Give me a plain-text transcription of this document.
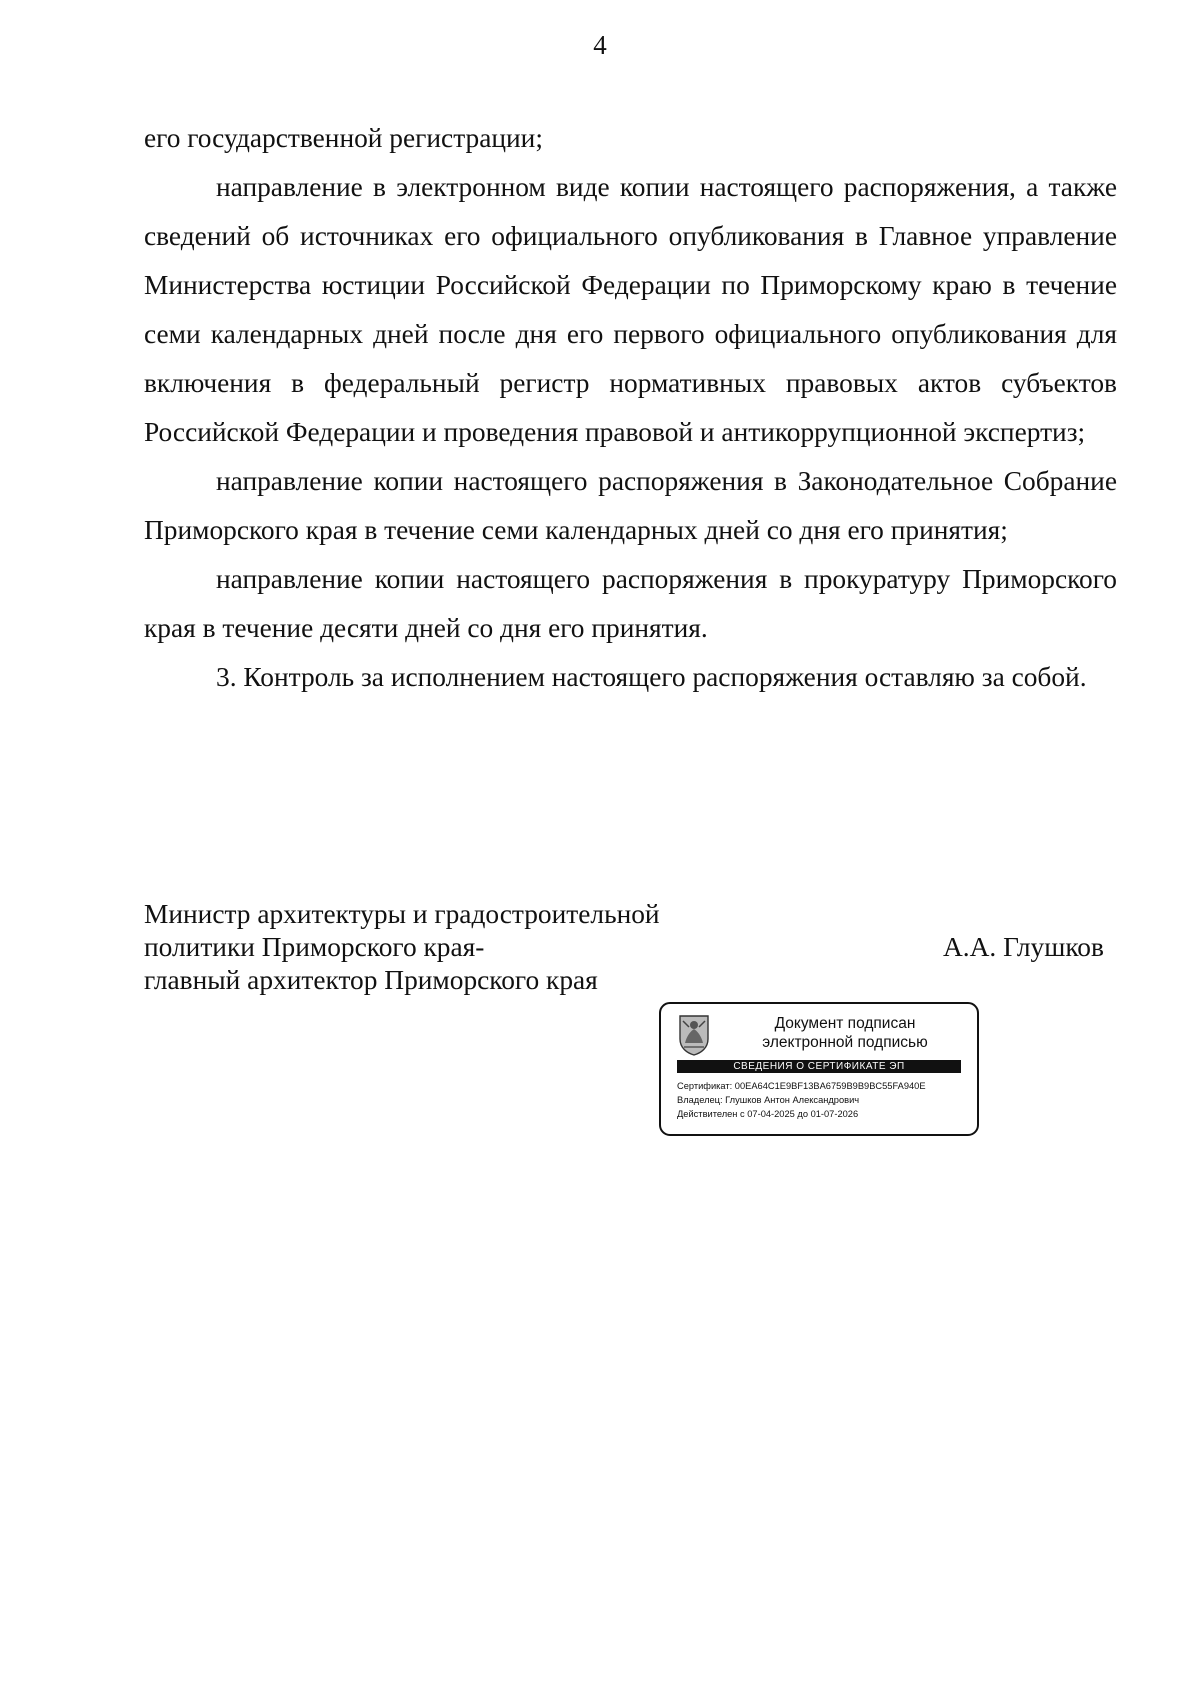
4

его государственной регистрации;

направление в электронном виде копии настоящего распоряжения, а также сведений об источниках его официального опубликования в Главное управление Министерства юстиции Российской Федерации по Приморскому краю в течение семи календарных дней после дня его первого официального опубликования для включения в федеральный регистр нормативных правовых актов субъектов Российской Федерации и проведения правовой и антикоррупционной экспертиз;

направление копии настоящего распоряжения в Законодательное Собрание Приморского края в течение семи календарных дней со дня его принятия;

направление копии настоящего распоряжения в прокуратуру Приморского края в течение десяти дней со дня его принятия.

3. Контроль за исполнением настоящего распоряжения оставляю за собой.

Министр архитектуры и градостроительной
политики Приморского края-
главный архитектор Приморского края
А.А. Глушков
Документ подписан
электронной подписью
СВЕДЕНИЯ О СЕРТИФИКАТЕ ЭП
Сертификат: 00EA64C1E9BF13BA6759B9B9BC55FA940E
Владелец: Глушков Антон Александрович
Действителен с 07-04-2025 до 01-07-2026
